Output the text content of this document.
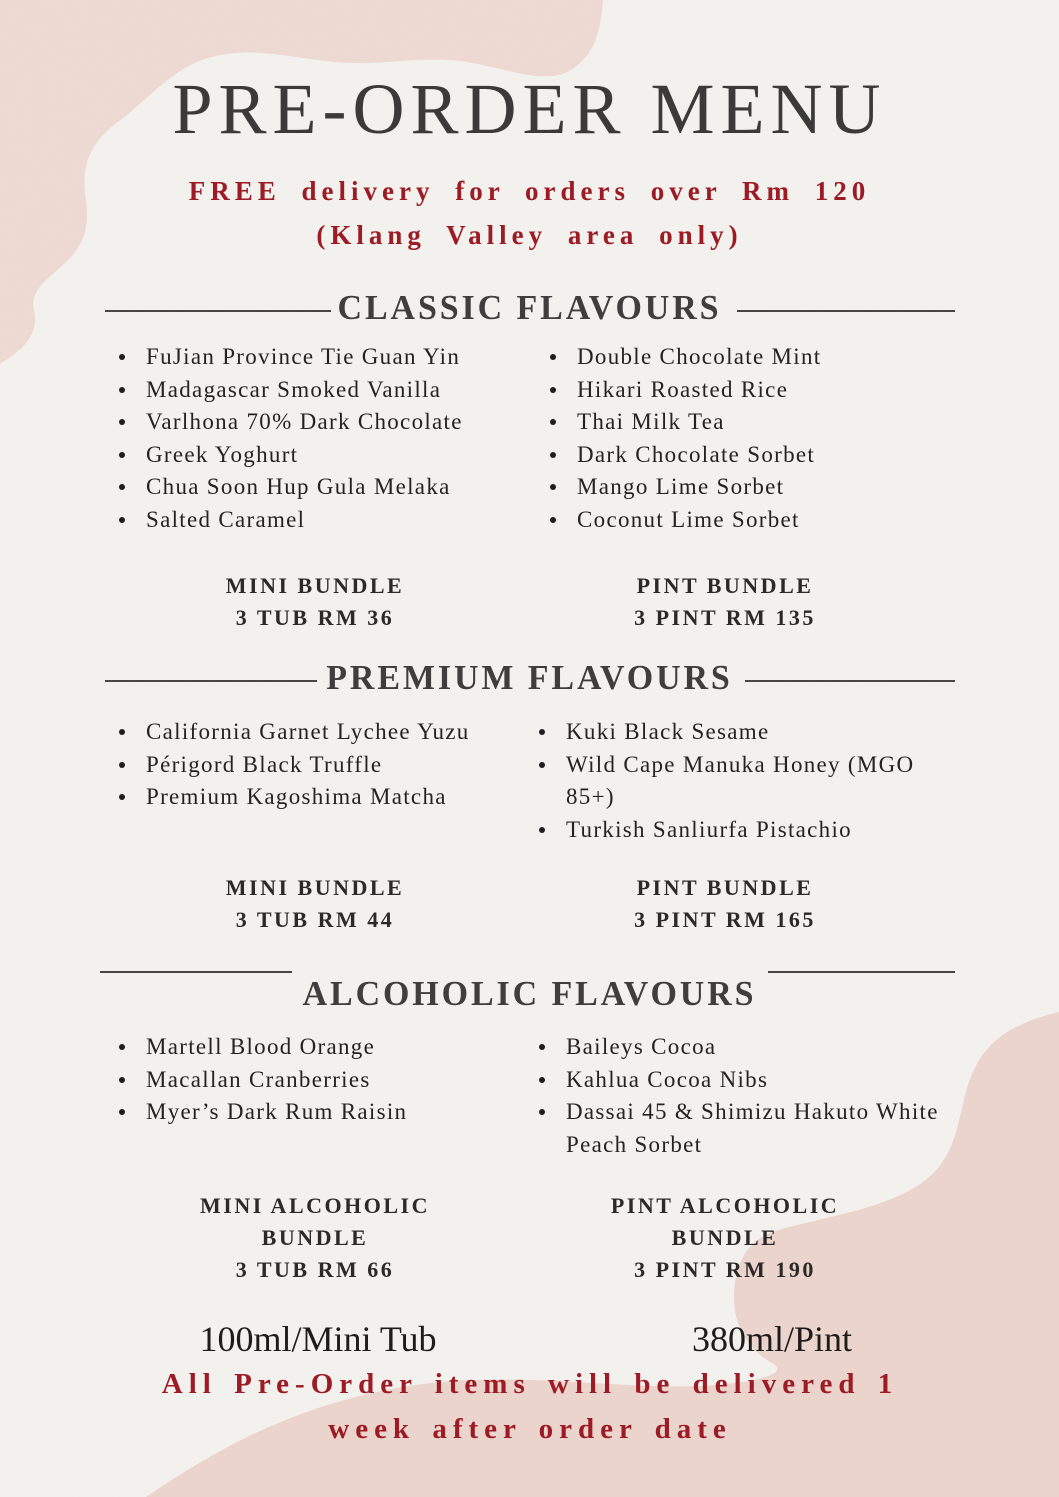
PRE-ORDER MENU
FREE delivery for orders over Rm 120
(Klang Valley area only)
CLASSIC FLAVOURS
FuJian Province Tie Guan Yin
Madagascar Smoked Vanilla
Varlhona 70% Dark Chocolate
Greek Yoghurt
Chua Soon Hup Gula Melaka
Salted Caramel
Double Chocolate Mint
Hikari Roasted Rice
Thai Milk Tea
Dark Chocolate Sorbet
Mango Lime Sorbet
Coconut Lime Sorbet
MINI BUNDLE
3 TUB RM 36
PINT BUNDLE
3 PINT RM 135
PREMIUM FLAVOURS
California Garnet Lychee Yuzu
Périgord Black Truffle
Premium Kagoshima Matcha
Kuki Black Sesame
Wild Cape Manuka Honey (MGO 85+)
Turkish Sanliurfa Pistachio
MINI BUNDLE
3 TUB RM 44
PINT BUNDLE
3 PINT RM 165
ALCOHOLIC FLAVOURS
Martell Blood Orange
Macallan Cranberries
Myer’s Dark Rum Raisin
Baileys Cocoa
Kahlua Cocoa Nibs
Dassai 45 & Shimizu Hakuto White Peach Sorbet
MINI ALCOHOLIC BUNDLE
3 TUB RM 66
PINT ALCOHOLIC BUNDLE
3 PINT RM 190
100ml/Mini Tub	380ml/Pint
All Pre-Order items will be delivered 1 week after order date
